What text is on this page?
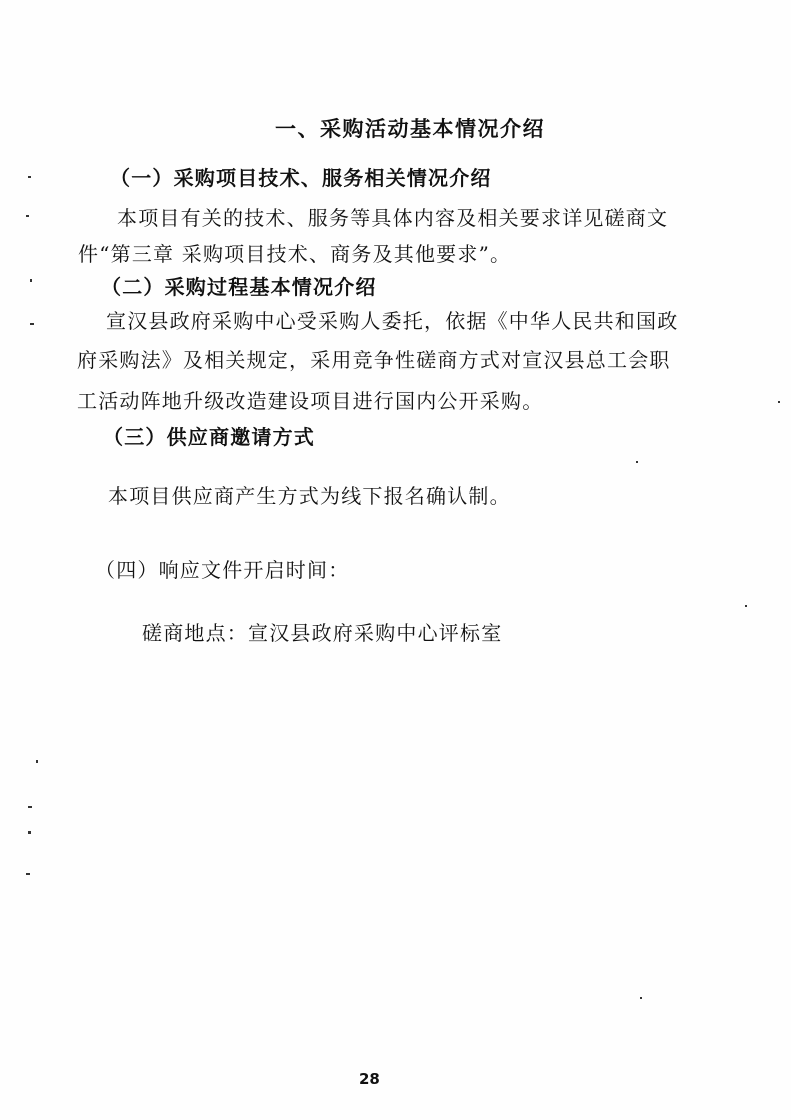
一、采购活动基本情况介绍
（一）采购项目技术、服务相关情况介绍
本项目有关的技术、服务等具体内容及相关要求详见磋商文
件“第三章 采购项目技术、商务及其他要求”。
（二）采购过程基本情况介绍
宣汉县政府采购中心受采购人委托，依据《中华人民共和国政
府采购法》及相关规定，采用竞争性磋商方式对宣汉县总工会职
工活动阵地升级改造建设项目进行国内公开采购。
（三）供应商邀请方式
本项目供应商产生方式为线下报名确认制。
（四）响应文件开启时间：
磋商地点：宣汉县政府采购中心评标室
28
